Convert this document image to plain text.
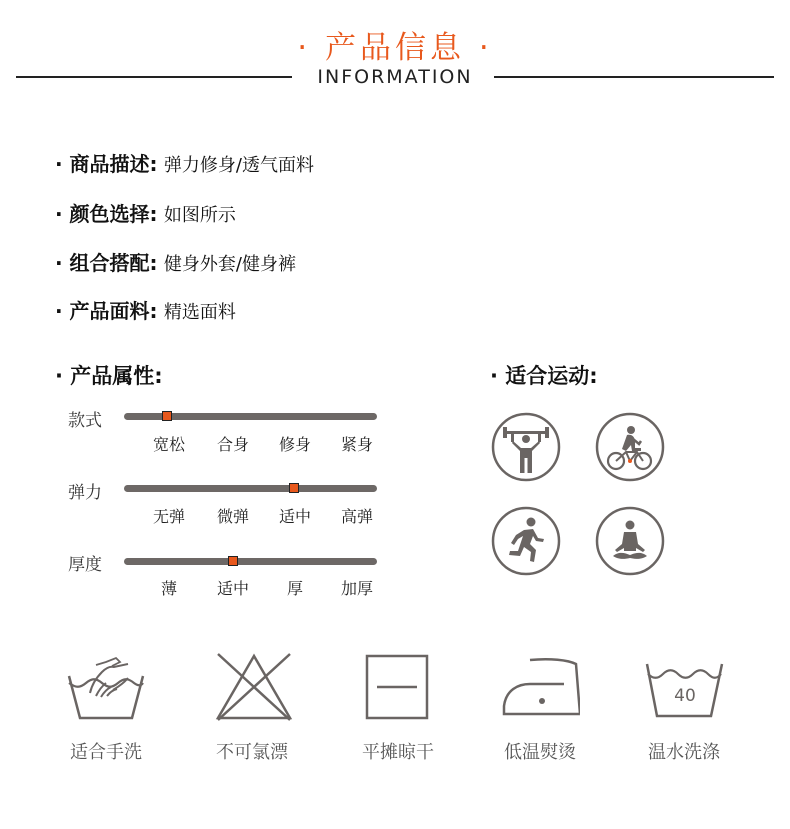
· 产品信息 ·
INFORMATION
· 商品描述: 弹力修身/透气面料
· 颜色选择: 如图所示
· 组合搭配: 健身外套/健身裤
· 产品面料: 精选面料
· 产品属性:
款式
宽松	合身	修身	紧身
弹力
无弹	微弹	适中	高弹
厚度
薄	适中	厚	加厚
· 适合运动:
40
适合手洗	不可氯漂	平摊晾干	低温熨烫	温水洗涤
